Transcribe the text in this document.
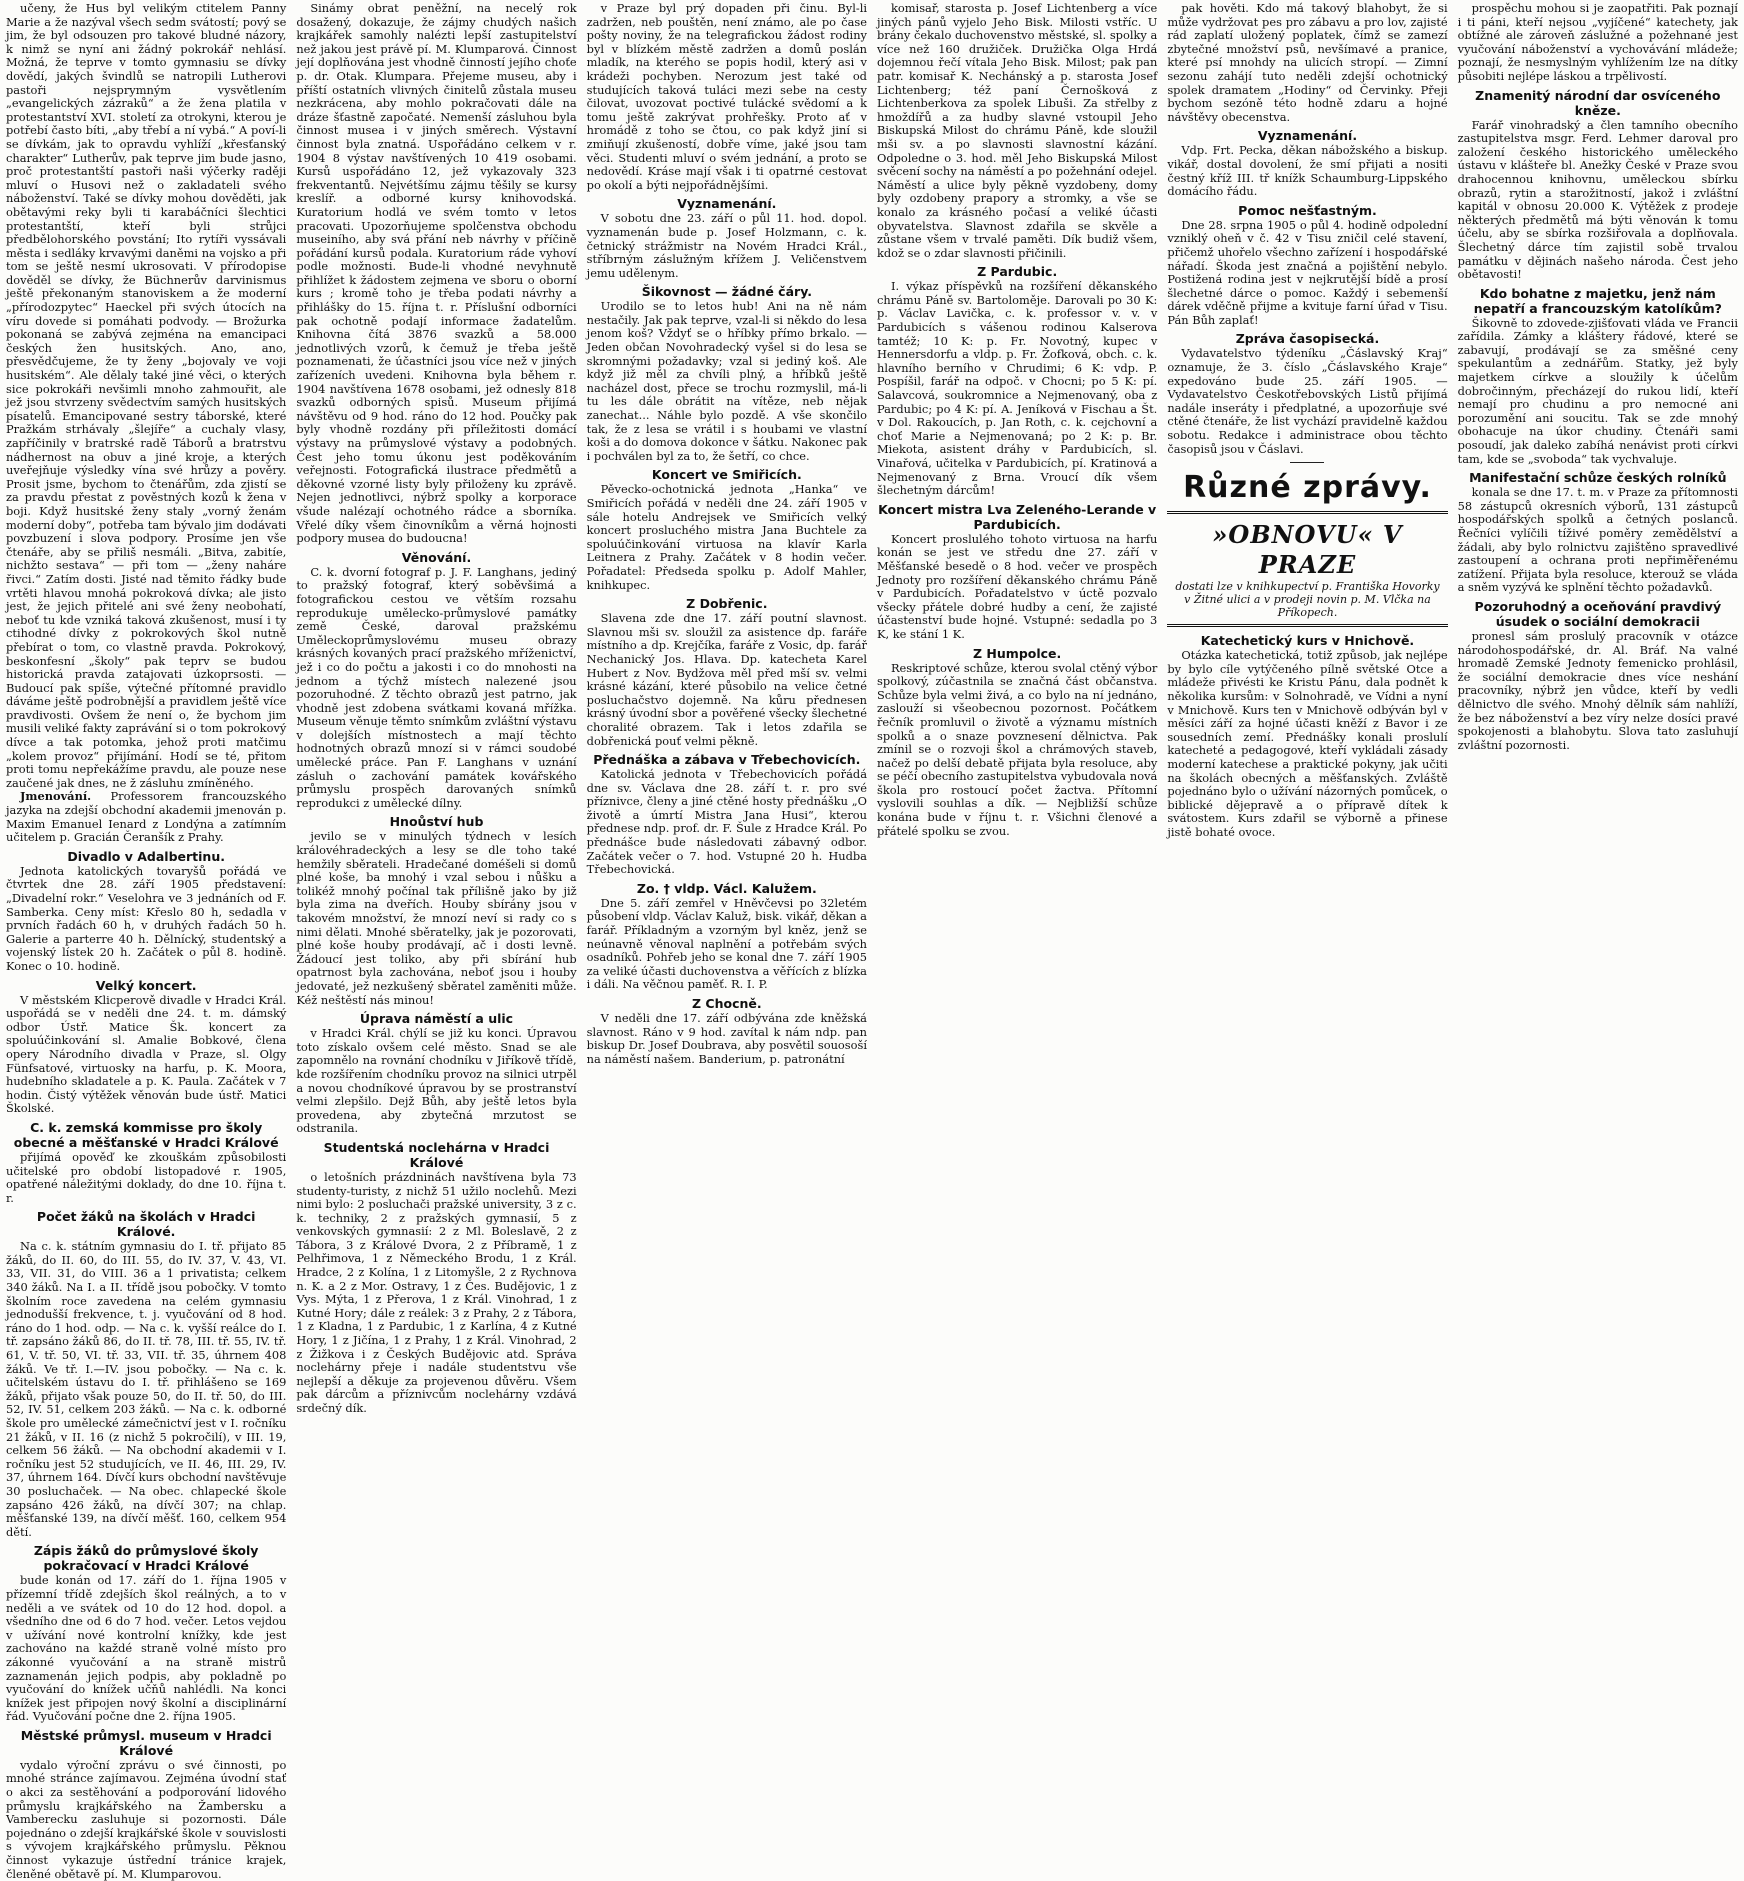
učeny, že Hus byl velikým ctitelem Panny Marie a že nazýval všech sedm svátostí; pový se jim, že byl odsouzen pro takové bludné názory, k nimž se nyní ani žádný pokrokář nehlásí. Možná, že teprve v tomto gymnasiu se dívky dovědí, jakých švindlů se natropili Lutherovi pastoři nejsprymným vysvětlením „evangelických zázraků“ a že žena platila v protestantství XVI. století za otrokyni, kterou je potřebí často bíti, „aby třebí a ní vybá.“ A poví-li se dívkám, jak to opravdu vyhlíží „křesťanský charakter“ Lutherův, pak teprve jim bude jasno, proč protestantští pastoři naši výčerky raději mluví o Husovi než o zakladateli svého náboženství. Také se dívky mohou dověděti, jak obětavými reky byli ti karabáčníci šlechtici protestantští, kteří byli strůjci předbělohorského povstání; Ito rytíři vyssávali města i sedláky krvavými daněmi na vojsko a při tom se ještě nesmí ukrosovati. V přírodopise dověděl se dívky, že Büchnerův darvinismus ještě překonaným stanoviskem a že moderní „přírodozpytec“ Haeckel při svých útocích na víru dovede si pomáhati podvody. — Brožurka pokonaná se zabývá zejména na emancipaci českých žen husitských. Ano, ano, přesvědčujeme, že ty ženy „bojovaly ve voji husitském“. Ale dělaly také jiné věci, o kterých sice pokrokáři nevšimli mnoho zahmouřit, ale jež jsou stvrzeny svědectvím samých husitských písatelů. Emancipované sestry táborské, které Pražkám strhávaly „šlejíře“ a cuchaly vlasy, zapříčinily v bratrské radě Táborů a bratrstvu nádhernost na obuv a jiné kroje, a kterých uveřejňuje výsledky vína své hrůzy a pověry. Prosit jsme, bychom to čtenářům, zda zjistí se za pravdu přestat z pověstných kozů k žena v boji. Když husitské ženy staly „vorný ženám moderní doby“, potřeba tam bývalo jim dodávati povzbuzení i slova podpory. Prosíme jen vše čtenáře, aby se přiliš nesmáli. „Bitva, zabitíe, nichžto sestava“ — při tom — „ženy naháre řivci.“ Zatím dosti. Jisté nad těmito řádky bude vrtěti hlavou mnohá pokroková dívka; ale jisto jest, že jejich přitelé ani své ženy neobohatí, neboť tu kde vzniká taková zkušenost, musí i ty ctihodné dívky z pokrokových škol nutně přebírat o tom, co vlastně pravda. Pokrokový, beskonfesní „školy“ pak teprv se budou historická pravda zatajovati úzkoprsosti. — Budoucí pak spíše, výtečné přítomné pravidlo dáváme ještě podrobnější a pravidlem ještě více pravdivosti. Ovšem že není o, že bychom jim musili veliké fakty zaprávání si o tom pokrokový dívce a tak potomka, jehož proti matčimu „kolem provoz“ přijímání. Hodí se té, přitom proti tomu nepřekážíme pravdu, ale pouze nese zaučené jak dnes, ne ž zásluhu zmíněného.

Jmenování. Professorem francouzského jazyka na zdejší obchodní akademii jmenován p. Maxim Emanuel Ienard z Londýna a zatímním učitelem p. Gracián Čeranšík z Prahy.

Divadlo v Adalbertinu.

Jednota katolických tovaryšů pořádá ve čtvrtek dne 28. září 1905 představení: „Divadelní rokr.“ Veselohra ve 3 jednáních od F. Samberka. Ceny míst: Křeslo 80 h, sedadla v prvních řadách 60 h, v druhých řadách 50 h. Galerie a parterre 40 h. Dělnícký, studentský a vojenský lístek 20 h. Začátek o půl 8. hodině. Konec o 10. hodině.

Velký koncert.

V městském Klicperově divadle v Hradci Král. uspořádá se v neděli dne 24. t. m. dámský odbor Ústř. Matice Šk. koncert za spoluúčinkování sl. Amalie Bobkové, člena opery Národního divadla v Praze, sl. Olgy Fünfsatové, virtuosky na harfu, p. K. Moora, hudebního skladatele a p. K. Paula. Začátek v 7 hodin. Čistý výtěžek věnován bude ústř. Matici Školské.

C. k. zemská kommisse pro školy obecné a měšťanské v Hradci Králové

přijímá opověď ke zkouškám způsobilosti učitelské pro období listopadové r. 1905, opatřené náležitými doklady, do dne 10. října t. r.

Počet žáků na školách v Hradci Králové.

Na c. k. státním gymnasiu do I. tř. přijato 85 žáků, do II. 60, do III. 55, do IV. 37, V. 43, VI. 33, VII. 31, do VIII. 36 a 1 privatista; celkem 340 žáků. Na I. a II. třídě jsou pobočky. V tomto školním roce zavedena na celém gymnasiu jednodušší frekvence, t. j. vyučování od 8 hod. ráno do 1 hod. odp. — Na c. k. vyšší reálce do I. tř. zapsáno žáků 86, do II. tř. 78, III. tř. 55, IV. tř. 61, V. tř. 50, VI. tř. 33, VII. tř. 35, úhrnem 408 žáků. Ve tř. I.—IV. jsou pobočky. — Na c. k. učitelském ústavu do I. tř. přihlášeno se 169 žáků, přijato však pouze 50, do II. tř. 50, do III. 52, IV. 51, celkem 203 žáků. — Na c. k. odborné škole pro umělecké zámečnictví jest v I. ročníku 21 žáků, v II. 16 (z nichž 5 pokročilí), v III. 19, celkem 56 žáků. — Na obchodní akademii v I. ročníku jest 52 studujících, ve II. 46, III. 29, IV. 37, úhrnem 164. Dívčí kurs obchodní navštěvuje 30 posluchaček. — Na obec. chlapecké škole zapsáno 426 žáků, na dívčí 307; na chlap. měšťanské 139, na dívčí měšť. 160, celkem 954 dětí.

Zápis žáků do průmyslové školy pokračovací v Hradci Králové

bude konán od 17. září do 1. října 1905 v přízemní třídě zdejších škol reálných, a to v neděli a ve svátek od 10 do 12 hod. dopol. a všedního dne od 6 do 7 hod. večer. Letos vejdou v užívání nové kontrolní knížky, kde jest zachováno na každé straně volné místo pro zákonné vyučování a na straně mistrů zaznamenán jejich podpis, aby pokladně po vyučování do knížek učňů nahlédli. Na konci knížek jest připojen nový školní a disciplinární řád. Vyučování počne dne 2. října 1905.

Městské průmysl. museum v Hradci Králové

vydalo výroční zprávu o své činnosti, po mnohé stránce zajímavou. Zejména úvodní stať o akci za sestěhování a podporování lidového průmyslu krajkářského na Žambersku a Vamberecku zasluhuje si pozornosti. Dále pojednáno o zdejší krajkářské škole v souvislosti s vývojem krajkářského průmyslu. Pěknou činnost vykazuje ústřední tránice krajek, členěné obětavě pí. M. Klumparovou.

Sinámy obrat peněžní, na necelý rok dosažený, dokazuje, že zájmy chudých našich krajkářek samohly nalézti lepší zastupitelství než jakou jest právě pí. M. Klumparová. Činnost její doplňována jest vhodně činností jejího choťe p. dr. Otak. Klumpara. Přejeme museu, aby i příští ostatních vlivných činitelů zůstala museu nezkrácena, aby mohlo pokračovati dále na dráze šťastně započaté. Nemenší zásluhou byla činnost musea i v jiných směrech. Výstavní činnost byla znatná. Uspořádáno celkem v r. 1904 8 výstav navštívených 10 419 osobami. Kursů uspořádáno 12, jež vykazovaly 323 frekventantů. Nejvétšímu zájmu těšily se kursy kreslíř. a odborné kursy knihovodská. Kuratorium hodlá ve svém tomto v letos pracovati. Upozorňujeme spolčenstva obchodu museiního, aby svá přání neb návrhy v příčině pořádání kursů podala. Kuratorium ráde vyhoví podle možnosti. Bude-li vhodné nevyhnutě přihlížet k žádostem zejmena ve sboru o oborní kurs ; kromě toho je třeba podati návrhy a přihlášky do 15. října t. r. Příslušní odborníci pak ochotně podají informace žadatelům. Knihovna čítá 3876 svazků a 58.000 jednotlivých vzorů, k čemuž je třeba ještě poznamenati, že účastníci jsou více než v jiných zařízeních uvedeni. Knihovna byla během r. 1904 navštívena 1678 osobami, jež odnesly 818 svazků odborných spisů. Museum přijímá návštěvu od 9 hod. ráno do 12 hod. Poučky pak byly vhodně rozdány při příležitosti domácí výstavy na průmyslové výstavy a podobných. Čest jeho tomu úkonu jest poděkováním veřejnosti. Fotografická ilustrace předmětů a děkovné vzorné listy byly přiloženy ku zprávě. Nejen jednotlivci, nýbrž spolky a korporace všude nalézají ochotného rádce a sborníka. Vřelé díky všem činovníkům a věrná hojnosti podpory musea do budoucna!

Věnování.

C. k. dvorní fotograf p. J. F. Langhans, jediný to pražský fotograf, který soběvšimá a fotografickou cestou ve větším rozsahu reprodukuje umělecko-průmyslové památky země České, daroval pražskému Uměleckoprůmyslovému museu obrazy krásných kovaných prací pražského mříženictví, jež i co do počtu a jakosti i co do mnohosti na jednom a týchž místech nalezené jsou pozoruhodné. Z těchto obrazů jest patrno, jak vhodně jest zdobena svátkami kovaná mřížka. Museum věnuje těmto snímkům zvláštní výstavu v dolejších místnostech a mají těchto hodnotných obrazů mnozí si v rámci soudobé umělecké práce. Pan F. Langhans v uznání zásluh o zachování památek kovářského průmyslu prospěch darovaných snímků reprodukci z umělecké dílny.

Hnoůství hub

jevilo se v minulých týdnech v lesích královéhradeckých a lesy se dle toho také hemžily sběrateli. Hradečané doméšeli si domů plné koše, ba mnohý i vzal sebou i nůšku a tolikéž mnohý počínal tak přílišně jako by již byla zima na dveřích. Houby sbírány jsou v takovém množství, že mnozí neví si rady co s nimi dělati. Mnohé sběratelky, jak je pozorovati, plné koše houby prodávají, ač i dosti levně. Žádoucí jest toliko, aby při sbírání hub opatrnost byla zachována, neboť jsou i houby jedovaté, jež nezkušený sběratel zaměniti může. Kéž neštěstí nás minou!

Úprava náměstí a ulic

v Hradci Král. chýlí se již ku konci. Úpravou toto získalo ovšem celé město. Snad se ale zapomnělo na rovnání chodníku v Jiříkově třídě, kde rozšířením chodníku provoz na silnici utrpěl a novou chodníkové úpravou by se prostranství velmi zlepšilo. Dejž Bůh, aby ještě letos byla provedena, aby zbytečná mrzutost se odstranila.

Studentská noclehárna v Hradci Králové

o letošních prázdninách navštívena byla 73 studenty-turisty, z nichž 51 užilo noclehů. Mezi nimi bylo: 2 posluchači pražské university, 3 z c. k. techniky, 2 z pražských gymnasií, 5 z venkovských gymnasií: 2 z Ml. Boleslavě, 2 z Tábora, 3 z Králové Dvora, 2 z Příbramě, 1 z Pelhřimova, 1 z Německého Brodu, 1 z Král. Hradce, 2 z Kolína, 1 z Litomyšle, 2 z Rychnova n. K. a 2 z Mor. Ostravy, 1 z Čes. Budějovic, 1 z Vys. Mýta, 1 z Přerova, 1 z Král. Vinohrad, 1 z Kutné Hory; dále z reálek: 3 z Prahy, 2 z Tábora, 1 z Kladna, 1 z Pardubic, 1 z Karlína, 4 z Kutné Hory, 1 z Jičína, 1 z Prahy, 1 z Král. Vinohrad, 2 z Žižkova i z Českých Budějovic atd. Správa noclehárny přeje i nadále studentstvu vše nejlepší a děkuje za projevenou důvěru. Všem pak dárcům a příznivcům noclehárny vzdává srdečný dík.

v Praze byl prý dopaden při činu. Byl-li zadržen, neb pouštěn, není známo, ale po čase pošty noviny, že na telegrafickou žádost rodiny byl v blízkém městě zadržen a domů poslán mladík, na kterého se popis hodil, který asi v krádeži pochyben. Nerozum jest také od studujících taková tuláci mezi sebe na cesty čilovat, uvozovat poctivé tulácké svědomí a k tomu ještě zakrývat prohřešky. Proto ať v hromádě z toho se čtou, co pak když jiní si zmiňují zkušeností, dobře víme, jaké jsou tam věci. Studenti mluví o svém jednání, a proto se nedovědí. Kráse mají však i ti opatrné cestovat po okolí a býti nejpořádnějšími.

Vyznamenání.

V sobotu dne 23. září o půl 11. hod. dopol. vyznamenán bude p. Josef Holzmann, c. k. četnický strážmistr na Novém Hradci Král., stříbrným záslužným křížem J. Veličenstvem jemu udělenym.

Šikovnost — žádné čáry.

Urodilo se to letos hub! Ani na ně nám nestačily. Jak pak teprve, vzal-li si někdo do lesa jenom koš? Vždyť se o hříbky přímo brkalo. — Jeden občan Novohradecký vyšel si do lesa se skromnými požadavky; vzal si jediný koš. Ale když již měl za chvíli plný, a hříbků ještě nacházel dost, přece se trochu rozmyslil, má-li tu les dále obrátit na vítěze, neb nějak zanechat... Náhle bylo pozdě. A vše skončilo tak, že z lesa se vrátil i s houbami ve vlastní koši a do domova dokonce v šátku. Nakonec pak i pochválen byl za to, že šetří, co chce.

Koncert ve Smiřicích.

Pěvecko-ochotnická jednota „Hanka“ ve Smiřicích pořádá v neděli dne 24. září 1905 v sále hotelu Andrejsek ve Smiřicích velký koncert prosluchého mistra Jana Buchtele za spoluúčinkování virtuosa na klavír Karla Leitnera z Prahy. Začátek v 8 hodin večer. Pořadatel: Předseda spolku p. Adolf Mahler, knihkupec.

Z Dobřenic.

Slavena zde dne 17. září poutní slavnost. Slavnou mši sv. sloužil za asistence dp. faráře místního a dp. Krejčíka, faráře z Vosic, dp. farář Nechanický Jos. Hlava. Dp. katecheta Karel Hubert z Nov. Bydžova měl před mší sv. velmi krásné kázání, které působilo na velice četné posluchačstvo dojemně. Na kůru přednesen krásný úvodní sbor a pověřené všecky šlechetné choralité obrazem. Tak i letos zdařila se dobřenická pouť velmi pěkně.

Přednáška a zábava v Třebechovicích.

Katolická jednota v Třebechovicích pořádá dne sv. Václava dne 28. září t. r. pro své příznivce, členy a jiné ctěné hosty přednášku „O životě a úmrtí Mistra Jana Husi“, kterou přednese ndp. prof. dr. F. Šule z Hradce Král. Po přednášce bude následovati zábavný odbor. Začátek večer o 7. hod. Vstupné 20 h. Hudba Třebechovická.

Zo. † vldp. Václ. Kalužem.

Dne 5. září zemřel v Hněvčevsi po 32letém působení vldp. Václav Kaluž, bisk. vikář, děkan a farář. Příkladným a vzorným byl kněz, jenž se neúnavně věnoval naplnění a potřebám svých osadníků. Pohřeb jeho se konal dne 7. září 1905 za veliké účasti duchovenstva a věřících z blízka i dáli. Na věčnou paměť. R. I. P.

Z Chocně.

V neděli dne 17. září odbývána zde kněžská slavnost. Ráno v 9 hod. zavítal k nám ndp. pan biskup Dr. Josef Doubrava, aby posvětil souosoší na náměstí našem. Banderium, p. patronátní

komisař, starosta p. Josef Lichtenberg a více jiných pánů vyjelo Jeho Bisk. Milosti vstříc. U brány čekalo duchovenstvo městské, sl. spolky a více než 160 družiček. Družička Olga Hrdá dojemnou řečí vítala Jeho Bisk. Milost; pak pan patr. komisař K. Nechánský a p. starosta Josef Lichtenberg; též paní Černošková z Lichtenberkova za spolek Libuši. Za střelby z hmoždířů a za hudby slavné vstoupil Jeho Biskupská Milost do chrámu Páně, kde sloužil mši sv. a po slavnosti slavnostní kázání. Odpoledne o 3. hod. měl Jeho Biskupská Milost svěcení sochy na náměstí a po požehnání odejel. Náměstí a ulice byly pěkně vyzdobeny, domy byly ozdobeny prapory a stromky, a vše se konalo za krásného počasí a veliké účasti obyvatelstva. Slavnost zdařila se skvěle a zůstane všem v trvalé paměti. Dík budiž všem, kdož se o zdar slavnosti přičinili.

Z Pardubic.

I. výkaz příspěvků na rozšíření děkanského chrámu Páně sv. Bartoloměje. Darovali po 30 K: p. Václav Lavička, c. k. professor v. v. v Pardubicích s vášenou rodinou Kalserova tamtéž; 10 K: p. Fr. Novotný, kupec v Hennersdorfu a vldp. p. Fr. Žofková, obch. c. k. hlavního berního v Chrudimi; 6 K: vdp. P. Pospíšil, farář na odpoč. v Chocni; po 5 K: pí. Salavcová, soukromnice a Nejmenovaný, oba z Pardubic; po 4 K: pí. A. Jeníková v Fischau a Št. v Dol. Rakoucích, p. Jan Roth, c. k. cejchovní a choť Marie a Nejmenovaná; po 2 K: p. Br. Miekota, asistent dráhy v Pardubicích, sl. Vinařová, učitelka v Pardubicích, pí. Kratinová a Nejmenovaný z Brna. Vroucí dík všem šlechetným dárcům!

Koncert mistra Lva Zeleného-Lerande v Pardubicích.

Koncert proslulého tohoto virtuosa na harfu konán se jest ve středu dne 27. září v Měšťanské besedě o 8 hod. večer ve prospěch Jednoty pro rozšíření děkanského chrámu Páně v Pardubicích. Pořadatelstvo v úctě pozvalo všecky přátele dobré hudby a cení, že zajisté účastenství bude hojné. Vstupné: sedadla po 3 K, ke stání 1 K.

Z Humpolce.

Reskriptové schůze, kterou svolal ctěný výbor spolkový, zúčastnila se značná část občanstva. Schůze byla velmi živá, a co bylo na ní jednáno, zaslouží si všeobecnou pozornost. Počátkem řečník promluvil o životě a významu místních spolků a o snaze povznesení dělnictva. Pak zmínil se o rozvoji škol a chrámových staveb, načež po delší debatě přijata byla resoluce, aby se péčí obecního zastupitelstva vybudovala nová škola pro rostoucí počet žactva. Přítomní vyslovili souhlas a dík. — Nejbližší schůze konána bude v říjnu t. r. Všichni členové a přátelé spolku se zvou.

pak hověti. Kdo má takový blahobyt, že si může vydržovat pes pro zábavu a pro lov, zajisté rád zaplatí uložený poplatek, čímž se zamezí zbytečné množství psů, nevšímavé a pranice, které psí mnohdy na ulicích stropí. — Zimní sezonu zahájí tuto neděli zdejší ochotnický spolek dramatem „Hodiny“ od Červinky. Přeji bychom sezóně této hodně zdaru a hojné návštěvy obecenstva.

Vyznamenání.

Vdp. Frt. Pecka, děkan nábožského a biskup. vikář, dostal dovolení, že smí přijati a nositi čestný kříž III. tř knížk Schaumburg-Lippského domácího řádu.

Pomoc nešťastným.

Dne 28. srpna 1905 o půl 4. hodině odpolední vzniklý oheň v č. 42 v Tisu zničil celé stavení, přičemž uhořelo všechno zařízení i hospodářské nářadí. Škoda jest značná a pojištění nebylo. Postižená rodina jest v nejkrutější bídě a prosí šlechetné dárce o pomoc. Každý i sebemenší dárek vděčně přijme a kvituje farní úřad v Tisu. Pán Bůh zaplať!

Zpráva časopisecká.

Vydavatelstvo týdeníku „Čáslavský Kraj“ oznamuje, že 3. číslo „Čáslavského Kraje“ expedováno bude 25. září 1905. — Vydavatelstvo Českotřebovských Listů přijímá nadále inseráty i předplatné, a upozorňuje své ctěné čtenáře, že list vychází pravidelně každou sobotu. Redakce i administrace obou těchto časopisů jsou v Čáslavi.

Různé zprávy.
»OBNOVU« V PRAZE
dostati lze v knihkupectví p. Františka Hovorky v Žitné ulici a v prodeji novin p. M. Vlčka na Příkopech.
Katechetický kurs v Hnichově.

Otázka katechetická, totiž způsob, jak nejlépe by bylo cíle vytýčeného pílně světské Otce a mládeže přivésti ke Kristu Pánu, dala podnět k několika kursům: v Solnohradě, ve Vídni a nyní v Mnichově. Kurs ten v Mnichově odbýván byl v měsíci září za hojné účasti kněží z Bavor i ze sousedních zemí. Přednášky konali proslulí katecheté a pedagogové, kteří vykládali zásady moderní katechese a praktické pokyny, jak učiti na školách obecných a měšťanských. Zvláště pojednáno bylo o užívání názorných pomůcek, o biblické dějepravě a o přípravě dítek k svátostem. Kurs zdařil se výborně a přinese jistě bohaté ovoce.

prospěchu mohou si je zaopatřiti. Pak poznají i ti páni, kteří nejsou „vyjíčené“ katechety, jak obtížné ale zároveň záslužné a požehnané jest vyučování náboženství a vychovávání mládeže; poznají, že nesmyslným vyhlížením lze na dítky působiti nejlépe láskou a trpělivostí.

Znamenitý národní dar osvíceného kněze.

Farář vinohradský a člen tamního obecního zastupitelstva msgr. Ferd. Lehmer daroval pro založení českého historického uměleckého ústavu v klášteře bl. Anežky České v Praze svou drahocennou knihovnu, uměleckou sbírku obrazů, rytin a starožitností, jakož i zvláštní kapitál v obnosu 20.000 K. Výtěžek z prodeje některých předmětů má býti věnován k tomu účelu, aby se sbírka rozšiřovala a doplňovala. Šlechetný dárce tím zajistil sobě trvalou památku v dějinách našeho národa. Čest jeho obětavosti!

Kdo bohatne z majetku, jenž nám nepatří a francouzským katolíkům?

Šikovně to zdovede-zjišťovati vláda ve Francii zařídila. Zámky a kláštery řádové, které se zabavují, prodávají se za směšné ceny spekulantům a zednářům. Statky, jež byly majetkem církve a sloužily k účelům dobročinným, přecházejí do rukou lidí, kteří nemají pro chudinu a pro nemocné ani porozumění ani soucitu. Tak se zde mnohý obohacuje na úkor chudiny. Čtenáři sami posoudí, jak daleko zabíhá nenávist proti církvi tam, kde se „svoboda“ tak vychvaluje.

Manifestační schůze českých rolníků

konala se dne 17. t. m. v Praze za přítomnosti 58 zástupců okresních výborů, 131 zástupců hospodářských spolků a četných poslanců. Řečníci vylíčili tíživé poměry zemědělství a žádali, aby bylo rolnictvu zajištěno spravedlivé zastoupení a ochrana proti nepřiměřenému zatížení. Přijata byla resoluce, kterouž se vláda a sněm vyzývá ke splnění těchto požadavků.

Pozoruhodný a oceňování pravdivý úsudek o sociální demokracii

pronesl sám proslulý pracovník v otázce národohospodářské, dr. Al. Bráf. Na valné hromadě Zemské Jednoty femenicko prohlásil, že sociální demokracie dnes více neshání pracovníky, nýbrž jen vůdce, kteří by vedli dělnictvo dle svého. Mnohý dělník sám nahlíží, že bez náboženství a bez víry nelze dosíci pravé spokojenosti a blahobytu. Slova tato zasluhují zvláštní pozornosti.
